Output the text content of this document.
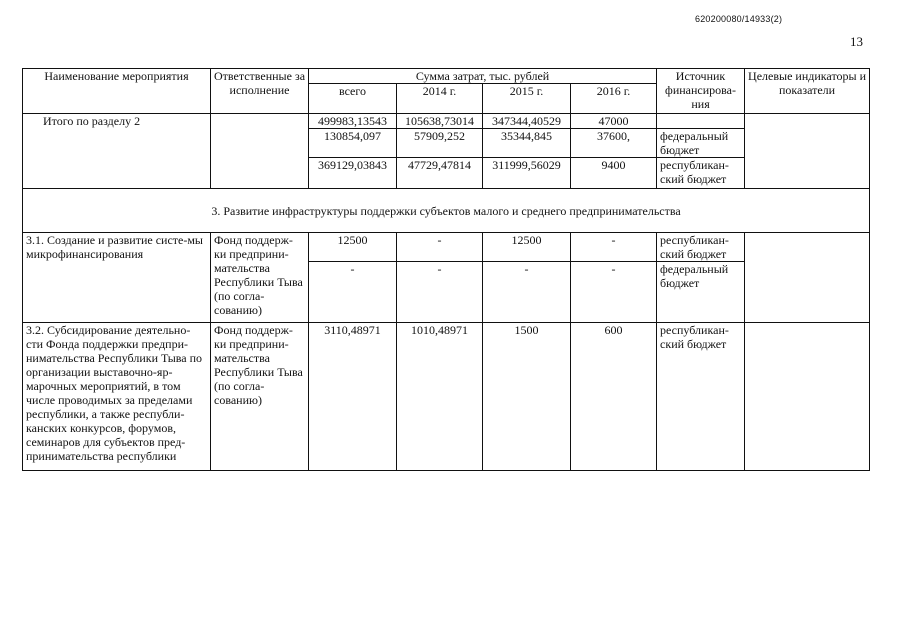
620200080/14933(2)
13
Наименование мероприятия	Ответственные за исполнение	Сумма затрат, тыс. рублей				Источник финансирова-ния	Целевые индикаторы и показатели
		всего	2014 г.	2015 г.	2016 г.		
Итого по разделу 2		499983,13543	105638,73014	347344,40529	47000		
		130854,097	57909,252	35344,845	37600,	федеральный бюджет	
		369129,03843	47729,47814	311999,56029	9400	республикан-ский бюджет	
3. Развитие инфраструктуры поддержки субъектов малого и среднего предпринимательства							
3.1. Создание и развитие систе-мы микрофинансирования	Фонд поддерж-ки предприни-мательства Республики Тыва (по согла-сованию)	12500	-	12500	-	республикан-ский бюджет	
		-	-	-	-	федеральный бюджет	
3.2. Субсидирование деятельно-сти Фонда поддержки предпри-нимательства Республики Тыва по организации выставочно-яр-марочных мероприятий, в том числе проводимых за пределами республики, а также республи-канских конкурсов, форумов, семинаров для субъектов пред-принимательства республики	Фонд поддерж-ки предприни-мательства Республики Тыва (по согла-сованию)	3110,48971	1010,48971	1500	600	республикан-ский бюджет	
